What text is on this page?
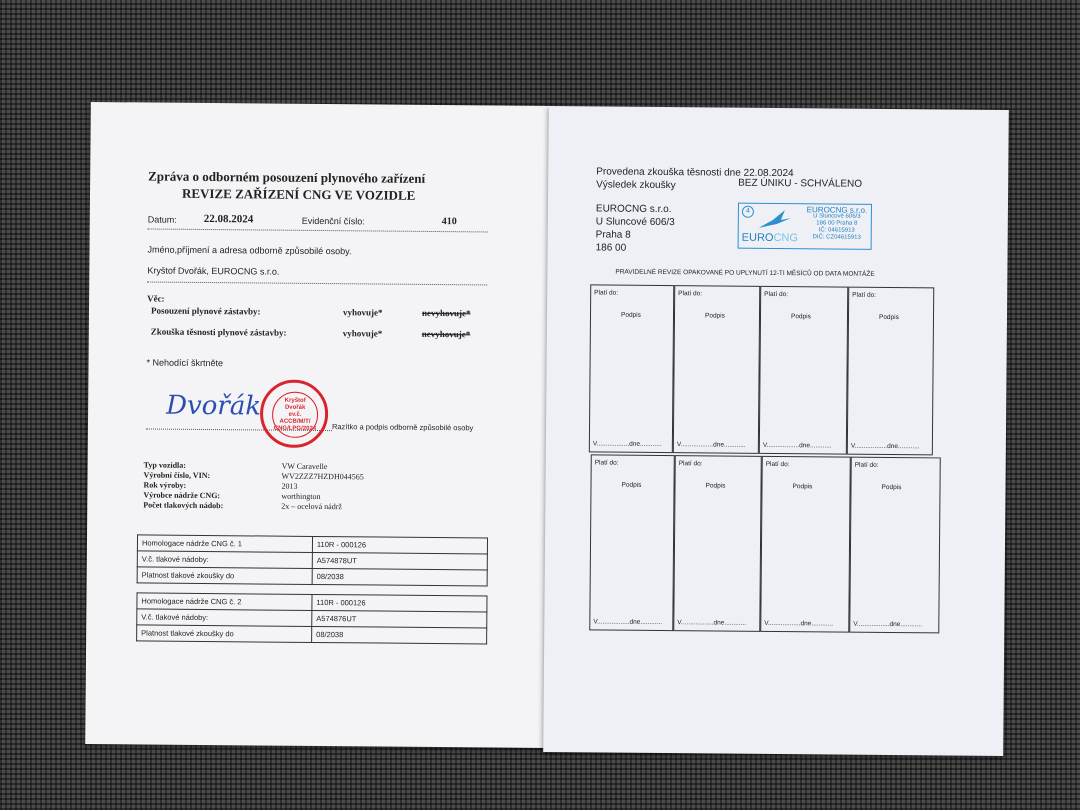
Zpráva o odborném posouzení plynového zařízení
REVIZE ZAŘÍZENÍ CNG VE VOZIDLE
Datum: 22.08.2024	Evidenční číslo:	410
Jméno,příjmení a adresa odborně způsobilé osoby.
Kryštof Dvořák, EUROCNG s.r.o.
Věc:
Posouzení plynové zástavby:	vyhovuje*	nevyhovuje*
Zkouška těsnosti plynové zástavby:	vyhovuje*	nevyhovuje*
* Nehodící škrtněte
Dvořák	Kryštof
Dvořák
ev.č.
ACCB/M/T/
CNG/LPG/2024 Razítko a podpis odborně způsobilé osoby
Typ vozidla:	VW Caravelle
Výrobní číslo, VIN:	WV2ZZZ7HZDH044565
Rok výroby:	2013
Výrobce nádrže CNG:	worthington
Počet tlakových nádob:	2x – ocelová nádrž
Homologace nádrže CNG č. 1	110R - 000126
V.č. tlakové nádoby:	A574878UT
Platnost tlakové zkoušky do	08/2038
Homologace nádrže CNG č. 2	110R - 000126
V.č. tlakové nádoby:	A574876UT
Platnost tlakové zkoušky do	08/2038
Provedena zkouška těsnosti dne 22.08.2024
Výsledek zkoušky	BEZ ÚNIKU - SCHVÁLENO
EUROCNG s.r.o.
U Sluncové 606/3
Praha 8
186 00
4
EUROCNG
EUROCNG s.r.o.
U Sluncové 606/3
186 00 Praha 8
IČ: 04615913
DIČ: CZ04615913
PRAVIDELNÉ REVIZE OPAKOVANÉ PO UPLYNUTÍ 12-TI MĚSÍCŮ OD DATA MONTÁŽE
Platí do:
Podpis
V..................dne............
Platí do:
Podpis
V..................dne............
Platí do:
Podpis
V..................dne............
Platí do:
Podpis
V..................dne............
Platí do:
Podpis
V..................dne............
Platí do:
Podpis
V..................dne............
Platí do:
Podpis
V..................dne............
Platí do:
Podpis
V..................dne............
